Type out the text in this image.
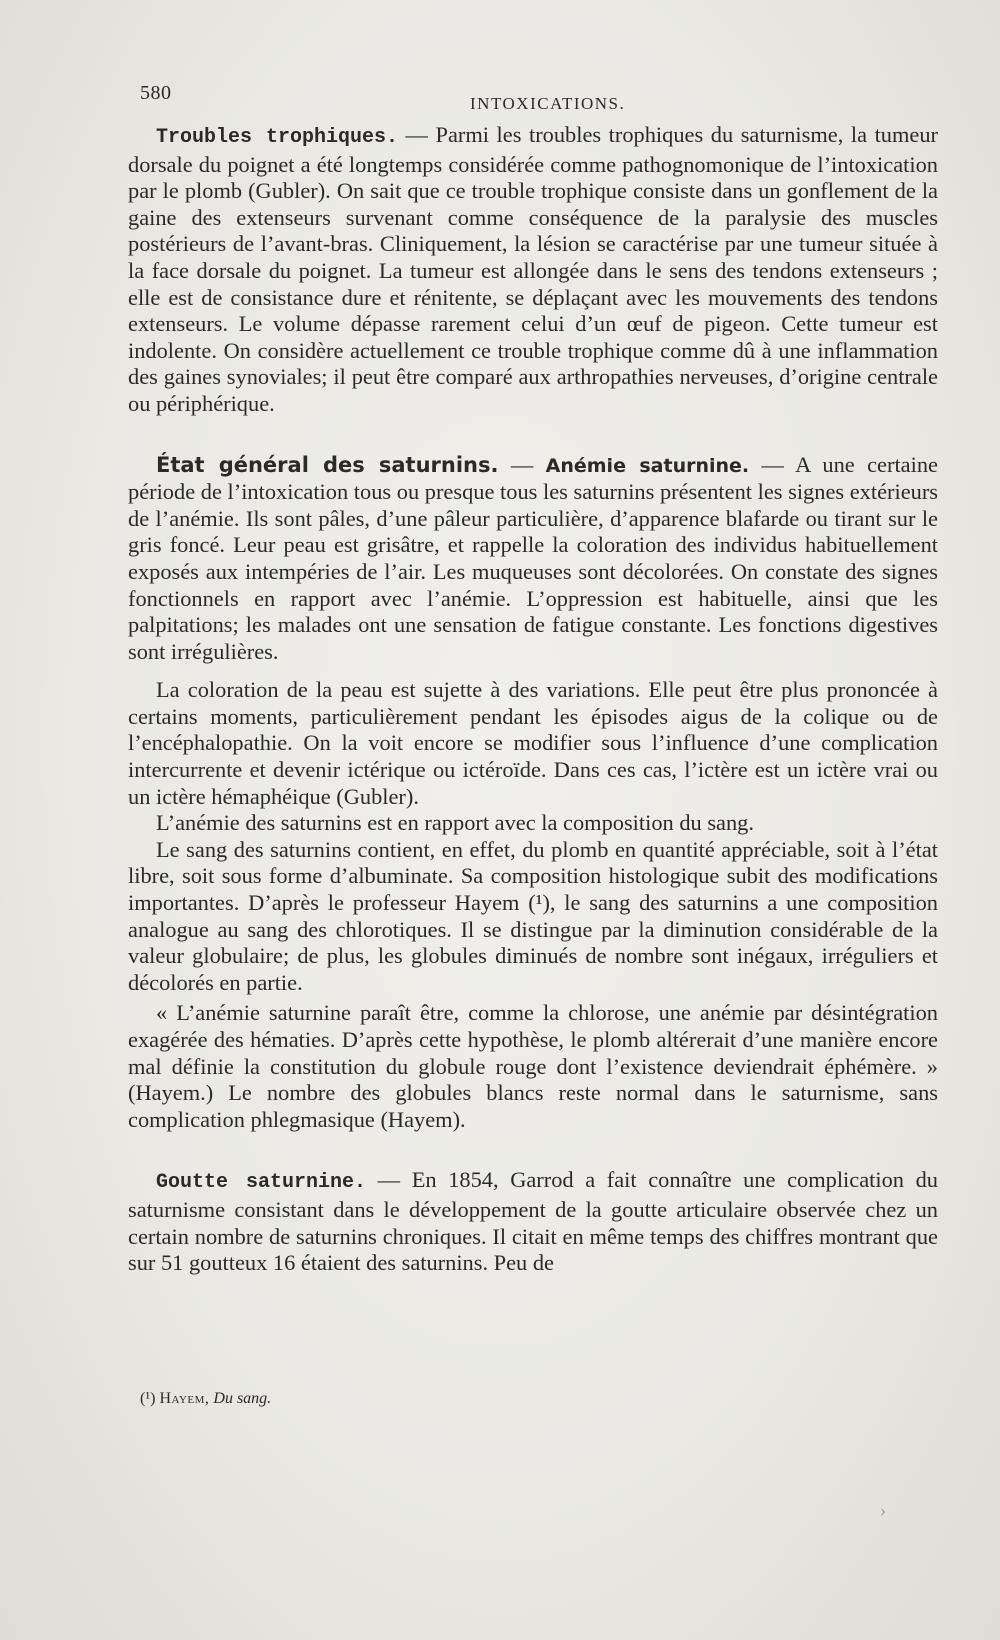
580	INTOXICATIONS.

Troubles trophiques. — Parmi les troubles trophiques du saturnisme, la tumeur dorsale du poignet a été longtemps considérée comme pathognomonique de l’intoxication par le plomb (Gubler). On sait que ce trouble trophique consiste dans un gonflement de la gaine des extenseurs survenant comme conséquence de la paralysie des muscles postérieurs de l’avant-bras. Cliniquement, la lésion se caractérise par une tumeur située à la face dorsale du poignet. La tumeur est allongée dans le sens des tendons extenseurs ; elle est de consistance dure et rénitente, se déplaçant avec les mouvements des tendons extenseurs. Le volume dépasse rarement celui d’un œuf de pigeon. Cette tumeur est indolente. On considère actuellement ce trouble trophique comme dû à une inflammation des gaines synoviales; il peut être comparé aux arthropathies nerveuses, d’origine centrale ou périphérique.

État général des saturnins. — Anémie saturnine. — A une certaine période de l’intoxication tous ou presque tous les saturnins présentent les signes extérieurs de l’anémie. Ils sont pâles, d’une pâleur particulière, d’apparence blafarde ou tirant sur le gris foncé. Leur peau est grisâtre, et rappelle la coloration des individus habituellement exposés aux intempéries de l’air. Les muqueuses sont décolorées. On constate des signes fonctionnels en rapport avec l’anémie. L’oppression est habituelle, ainsi que les palpitations; les malades ont une sensation de fatigue constante. Les fonctions digestives sont irrégulières.

La coloration de la peau est sujette à des variations. Elle peut être plus prononcée à certains moments, particulièrement pendant les épisodes aigus de la colique ou de l’encéphalopathie. On la voit encore se modifier sous l’influence d’une complication intercurrente et devenir ictérique ou ictéroïde. Dans ces cas, l’ictère est un ictère vrai ou un ictère hémaphéique (Gubler).

L’anémie des saturnins est en rapport avec la composition du sang.

Le sang des saturnins contient, en effet, du plomb en quantité appréciable, soit à l’état libre, soit sous forme d’albuminate. Sa composition histologique subit des modifications importantes. D’après le professeur Hayem (¹), le sang des saturnins a une composition analogue au sang des chlorotiques. Il se distingue par la diminution considérable de la valeur globulaire; de plus, les globules diminués de nombre sont inégaux, irréguliers et décolorés en partie.

« L’anémie saturnine paraît être, comme la chlorose, une anémie par désintégration exagérée des hématies. D’après cette hypothèse, le plomb altérerait d’une manière encore mal définie la constitution du globule rouge dont l’existence deviendrait éphémère. » (Hayem.) Le nombre des globules blancs reste normal dans le saturnisme, sans complication phlegmasique (Hayem).

Goutte saturnine. — En 1854, Garrod a fait connaître une complication du saturnisme consistant dans le développement de la goutte articulaire observée chez un certain nombre de saturnins chroniques. Il citait en même temps des chiffres montrant que sur 51 goutteux 16 étaient des saturnins. Peu de

(¹) Hayem, Du sang.
›
